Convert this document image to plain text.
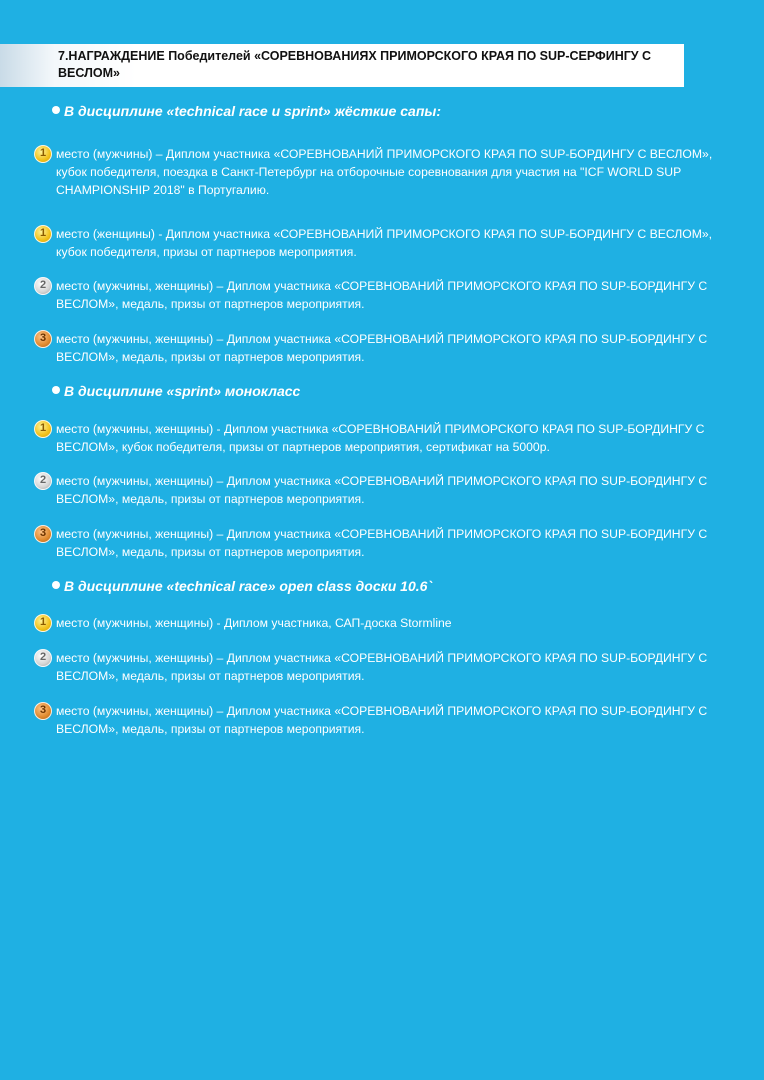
7.НАГРАЖДЕНИЕ Победителей «СОРЕВНОВАНИЯХ ПРИМОРСКОГО КРАЯ ПО SUP-СЕРФИНГУ С ВЕСЛОМ»
В дисциплине «technical race и sprint» жёсткие сапы:
1 место (мужчины) – Диплом участника «СОРЕВНОВАНИЙ ПРИМОРСКОГО КРАЯ ПО SUP-БОРДИНГУ С ВЕСЛОМ», кубок победителя, поездка в Санкт-Петербург на отборочные соревнования для участия на "ICF WORLD SUP CHAMPIONSHIP 2018" в Португалию.
1 место (женщины) - Диплом участника «СОРЕВНОВАНИЙ ПРИМОРСКОГО КРАЯ ПО SUP-БОРДИНГУ С ВЕСЛОМ», кубок победителя, призы от партнеров мероприятия.
2 место (мужчины, женщины) – Диплом участника «СОРЕВНОВАНИЙ ПРИМОРСКОГО КРАЯ ПО SUP-БОРДИНГУ С ВЕСЛОМ», медаль, призы от партнеров мероприятия.
3 место (мужчины, женщины) – Диплом участника «СОРЕВНОВАНИЙ ПРИМОРСКОГО КРАЯ ПО SUP-БОРДИНГУ С ВЕСЛОМ», медаль, призы от партнеров мероприятия.
В дисциплине «sprint» монокласс
1 место (мужчины, женщины) - Диплом участника «СОРЕВНОВАНИЙ ПРИМОРСКОГО КРАЯ ПО SUP-БОРДИНГУ С ВЕСЛОМ», кубок победителя, призы от партнеров мероприятия, сертификат на 5000р.
2 место (мужчины, женщины) – Диплом участника «СОРЕВНОВАНИЙ ПРИМОРСКОГО КРАЯ ПО SUP-БОРДИНГУ С ВЕСЛОМ», медаль, призы от партнеров мероприятия.
3 место (мужчины, женщины) – Диплом участника «СОРЕВНОВАНИЙ ПРИМОРСКОГО КРАЯ ПО SUP-БОРДИНГУ С ВЕСЛОМ», медаль, призы от партнеров мероприятия.
В дисциплине «technical race» open class доски 10.6`
1 место (мужчины, женщины) - Диплом участника, САП-доска Stormline
2 место (мужчины, женщины) – Диплом участника «СОРЕВНОВАНИЙ ПРИМОРСКОГО КРАЯ ПО SUP-БОРДИНГУ С ВЕСЛОМ», медаль, призы от партнеров мероприятия.
3 место (мужчины, женщины) – Диплом участника «СОРЕВНОВАНИЙ ПРИМОРСКОГО КРАЯ ПО SUP-БОРДИНГУ С ВЕСЛОМ», медаль, призы от партнеров мероприятия.
